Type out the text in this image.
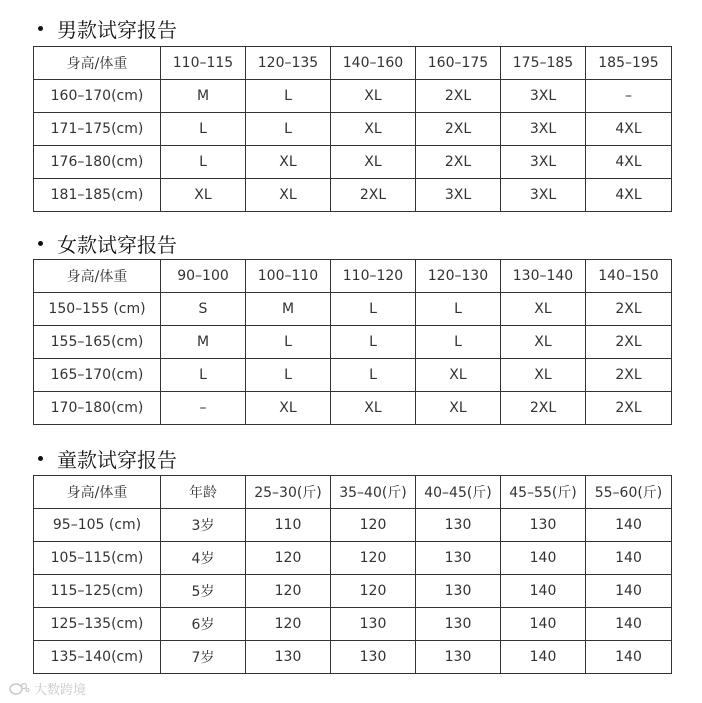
男款试穿报告
身高/体重	110–115	120–135	140–160	160–175	175–185	185–195
160–170(cm)	M	L	XL	2XL	3XL	–
171–175(cm)	L	L	XL	2XL	3XL	4XL
176–180(cm)	L	XL	XL	2XL	3XL	4XL
181–185(cm)	XL	XL	2XL	3XL	3XL	4XL
女款试穿报告
身高/体重	90–100	100–110	110–120	120–130	130–140	140–150
150–155 (cm)	S	M	L	L	XL	2XL
155–165(cm)	M	L	L	L	XL	2XL
165–170(cm)	L	L	L	XL	XL	2XL
170–180(cm)	–	XL	XL	XL	2XL	2XL
童款试穿报告
身高/体重	年龄	25–30(斤)	35–40(斤)	40–45(斤)	45–55(斤)	55–60(斤)
95–105 (cm)	3岁	110	120	130	130	140
105–115(cm)	4岁	120	120	130	140	140
115–125(cm)	5岁	120	120	130	140	140
125–135(cm)	6岁	120	130	130	140	140
135–140(cm)	7岁	130	130	130	140	140
大数跨境
